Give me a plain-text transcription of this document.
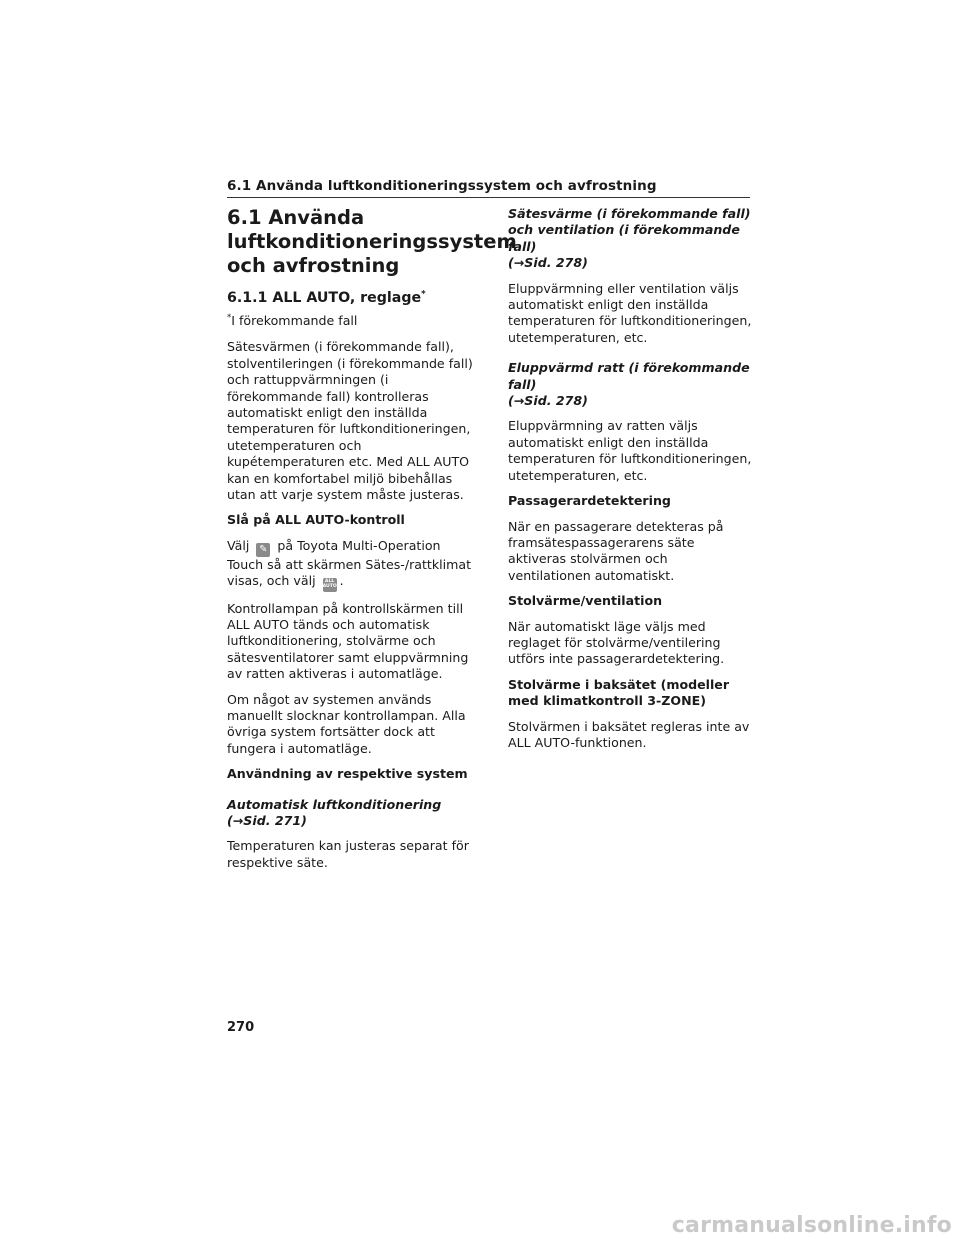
6.1 Använda luftkonditioneringssystem och avfrostning
6.1 Använda
luftkonditioneringssystem
och avfrostning
6.1.1 ALL AUTO, reglage*

*I förekommande fall

Sätesvärmen (i förekommande fall), stolventileringen (i förekommande fall) och rattuppvärmningen (i förekommande fall) kontrolleras automatiskt enligt den inställda temperaturen för luftkonditioneringen, utetemperaturen och kupétemperaturen etc. Med ALL AUTO kan en komfortabel miljö bibehållas utan att varje system måste justeras.

Slå på ALL AUTO-kontroll

Välj ✎ på Toyota Multi-Operation Touch så att skärmen Sätes-/rattklimat visas, och välj ALL
AUTO .

Kontrollampan på kontrollskärmen till ALL AUTO tänds och automatisk luftkonditionering, stolvärme och sätesventilatorer samt eluppvärmning av ratten aktiveras i automatläge.

Om något av systemen används manuellt slocknar kontrollampan. Alla övriga system fortsätter dock att fungera i automatläge.

Användning av respektive system

Automatisk luftkonditionering
(→Sid. 271)

Temperaturen kan justeras separat för respektive säte.

Sätesvärme (i förekommande fall) och ventilation (i förekommande fall)
(→Sid. 278)

Eluppvärmning eller ventilation väljs automatiskt enligt den inställda temperaturen för luftkonditioneringen, utetemperaturen, etc.

Eluppvärmd ratt (i förekommande fall)
(→Sid. 278)

Eluppvärmning av ratten väljs automatiskt enligt den inställda temperaturen för luftkonditioneringen, utetemperaturen, etc.

Passagerardetektering

När en passagerare detekteras på framsätespassagerarens säte aktiveras stolvärmen och ventilationen automatiskt.

Stolvärme/ventilation

När automatiskt läge väljs med reglaget för stolvärme/ventilering utförs inte passagerardetektering.

Stolvärme i baksätet (modeller med klimatkontroll 3-ZONE)

Stolvärmen i baksätet regleras inte av ALL AUTO-funktionen.

270
carmanualsonline.info
